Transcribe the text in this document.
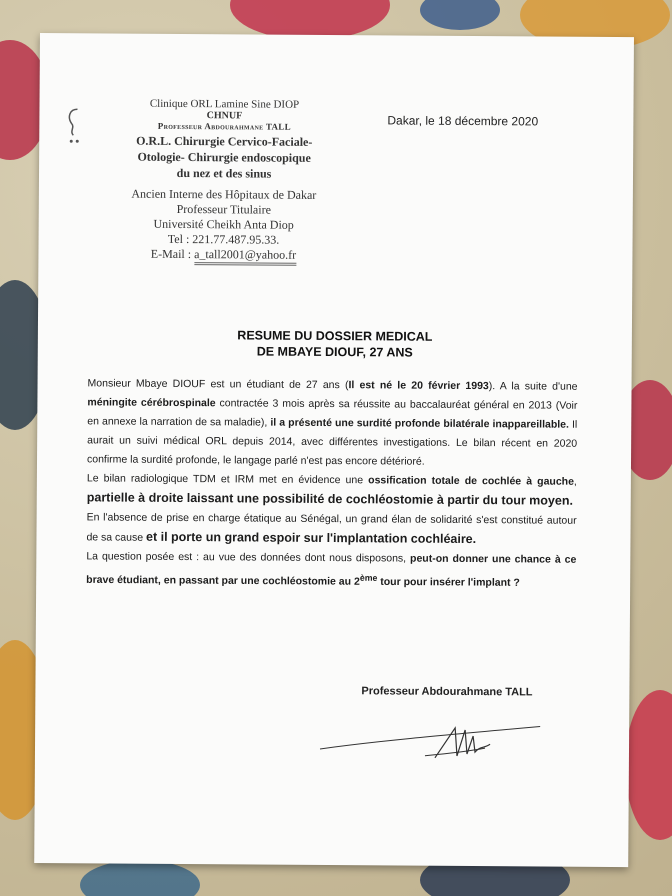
Clinique ORL Lamine Sine DIOP
CHNUF
Professeur Abdourahmane TALL
O.R.L. Chirurgie Cervico-Faciale-
Otologie- Chirurgie endoscopique
du nez et des sinus
Ancien Interne des Hôpitaux de Dakar
Professeur Titulaire
Université Cheikh Anta Diop
Tel : 221.77.487.95.33.
E-Mail : a_tall2001@yahoo.fr
Dakar, le 18 décembre 2020
RESUME DU DOSSIER MEDICAL
DE MBAYE DIOUF, 27 ANS

Monsieur Mbaye DIOUF est un étudiant de 27 ans (Il est né le 20 février 1993). A la suite d'une méningite cérébrospinale contractée 3 mois après sa réussite au baccalauréat général en 2013 (Voir en annexe la narration de sa maladie), il a présenté une surdité profonde bilatérale inappareillable. Il aurait un suivi médical ORL depuis 2014, avec différentes investigations. Le bilan récent en 2020 confirme la surdité profonde, le langage parlé n'est pas encore détérioré.

Le bilan radiologique TDM et IRM met en évidence une ossification totale de cochlée à gauche, partielle à droite laissant une possibilité de cochléostomie à partir du tour moyen.

En l'absence de prise en charge étatique au Sénégal, un grand élan de solidarité s'est constitué autour de sa cause et il porte un grand espoir sur l'implantation cochléaire.

La question posée est : au vue des données dont nous disposons, peut-on donner une chance à ce brave étudiant, en passant par une cochléostomie au 2ème tour pour insérer l'implant ?

Professeur Abdourahmane TALL
